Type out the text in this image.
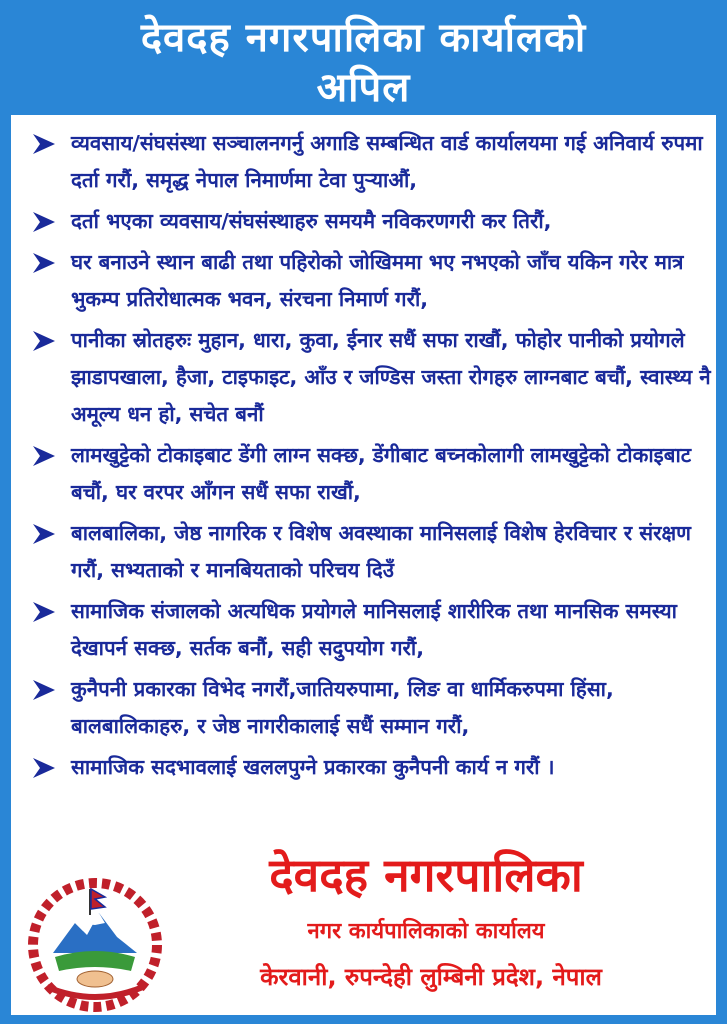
देवदह नगरपालिका कार्यालको
अपिल
व्यवसाय/संघसंस्था सञ्चालनगर्नु अगाडि सम्बन्धित वार्ड कार्यालयमा गई अनिवार्य रुपमा दर्ता गरौं, समृद्ध नेपाल निमार्णमा टेवा पुऱ्याऔं,
दर्ता भएका व्यवसाय/संघसंस्थाहरु समयमै नविकरणगरी कर तिरौं,
घर बनाउने स्थान बाढी तथा पहिरोको जोखिममा भए नभएको जाँच यकिन गरेर मात्र भुकम्प प्रतिरोधात्मक भवन, संरचना निमार्ण गरौं,
पानीका स्रोतहरुः मुहान, धारा, कुवा, ईनार सधैं सफा राखौं, फोहोर पानीको प्रयोगले झाडापखाला, हैजा, टाइफाइट, आँउ र जण्डिस जस्ता रोगहरु लाग्नबाट बचौं, स्वास्थ्य नै अमूल्य धन हो, सचेत बनौं
लामखुट्टेको टोकाइबाट डेंगी लाग्न सक्छ, डेंगीबाट बच्नकोलागी लामखुट्टेको टोकाइबाट बचौं, घर वरपर आँगन सधैं सफा राखौं,
बालबालिका, जेष्ठ नागरिक र विशेष अवस्थाका मानिसलाई विशेष हेरविचार र संरक्षण गरौं, सभ्यताको र मानबियताको परिचय दिउँ
सामाजिक संजालको अत्यधिक प्रयोगले मानिसलाई शारीरिक तथा मानसिक समस्या देखापर्न सक्छ, सर्तक बनौं, सही सदुपयोग गरौं,
कुनैपनी प्रकारका विभेद नगरौं,जातियरुपामा, लिङ वा धार्मिकरुपमा हिंसा, बालबालिकाहरु, र जेष्ठ नागरीकालाई सधैं सम्मान गरौं,
सामाजिक सदभावलाई खललपुग्ने प्रकारका कुनैपनी कार्य न गरौं ।
देवदह नगरपालिका
नगर कार्यपालिकाको कार्यालय
केरवानी, रुपन्देही लुम्बिनी प्रदेश, नेपाल
